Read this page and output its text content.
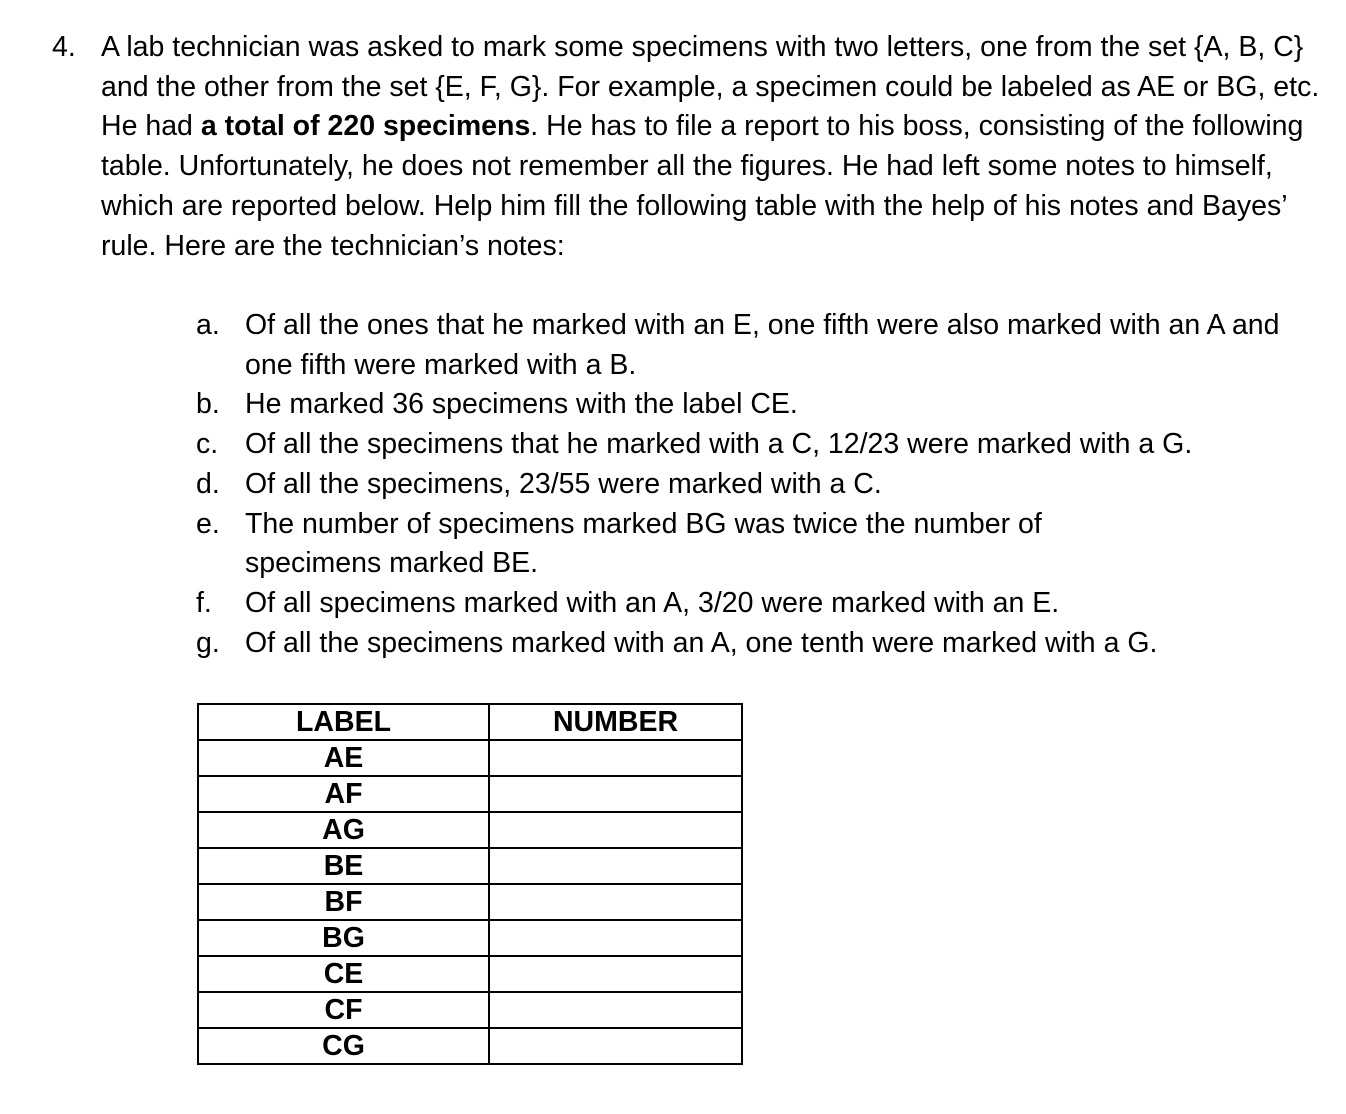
4. A lab technician was asked to mark some specimens with two letters, one from the set {A, B, C} and the other from the set {E, F, G}. For example, a specimen could be labeled as AE or BG, etc. He had a total of 220 specimens. He has to file a report to his boss, consisting of the following table. Unfortunately, he does not remember all the figures. He had left some notes to himself, which are reported below. Help him fill the following table with the help of his notes and Bayes’ rule. Here are the technician’s notes:
a. Of all the ones that he marked with an E, one fifth were also marked with an A and one fifth were marked with a B.
b. He marked 36 specimens with the label CE.
c. Of all the specimens that he marked with a C, 12/23 were marked with a G.
d. Of all the specimens, 23/55 were marked with a C.
e. The number of specimens marked BG was twice the number of specimens marked BE.
f. Of all specimens marked with an A, 3/20 were marked with an E.
g. Of all the specimens marked with an A, one tenth were marked with a G.
LABEL	NUMBER
AE	
AF	
AG	
BE	
BF	
BG	
CE	
CF	
CG	
